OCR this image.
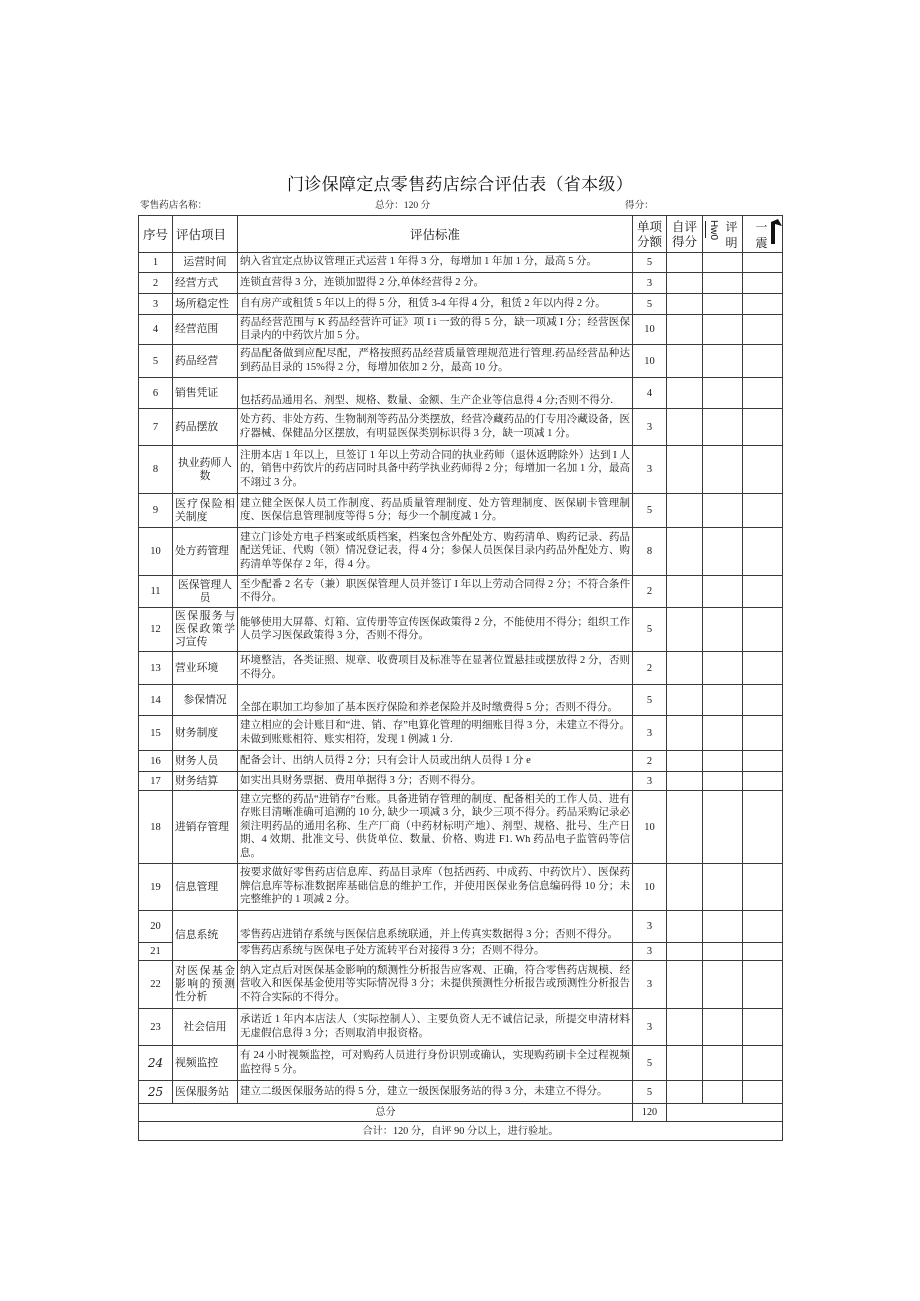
门诊保障定点零售药店综合评估表（省本级）
零售药店名称：	总分：120 分	得分：
序号	评估项目	评估标准	单项分额	自评得分	Hw0 评明	一震

1	运营时间	纳入省宜定点协议管理正式运营 1 年得 3 分，每增加 1 年加 1 分，最高 5 分。	5			

2	经营方式	连锁直营得 3 分，连锁加盟得 2 分,单体经营得 2 分。	3			

3	场所稳定性	自有房产或租赁 5 年以上的得 5 分，租赁 3-4 年得 4 分，租赁 2 年以内得 2 分。	5			

4	经营范围	药品经营范围与 K 药品经营许可证》项 I i 一致的得 5 分，缺一项减 I 分；经营医保目录内的中药饮片加 5 分。	10			

5	药品经营	药品配备做到应配尽配，严格按照药品经营质量管理规范进行管理.药品经营品种达到药品目录的 15%得 2 分，每增加依加 2 分，最高 10 分。	10			

6	销售凭证	包括药品通用名、剂型、规格、数量、金额、生产企业等信息得 4 分;否则不得分.	4			

7	药品摆放	处方药、非处方药、生物制剂等药品分类摆放，经营冷藏药品的仃专用冷藏设备，医疗器械、保健品分区摆放，有明显医保类别标识得 3 分，缺一项减 1 分。	3			

8	执业药师人数	注册本店 1 年以上，旦签订 1 年以上劳动合同的执业药师（退休返聘除外）达到 I 人的，销售中药饮片的药店同时具备中药学执业药师得 2 分；每增加一名加 1 分，最高不翊过 3 分。	3			

9	医疗保险相关制度	建立健全医保人员工作制度、药品质量管理制度、处方管理制度、医保刷卡管理制度、医保信息管理制度等得 5 分；每少一个制度减 1 分。	5			

10	处方药管理	建立门诊处方电子档案或纸质档案，档案包含外配处方、购药清单、购药记录、药品配送凭证、代购（领）情况登记表，得 4 分；参保人员医保目录内药品外配处方、购药清单等保存 2 年，得 4 分。	8			

11	医保管理人员	至少配番 2 名专（兼）职医保管理人员并签订 I 年以上劳动合同得 2 分；不符合条件不得分。	2			

12	医保服务与医保政策学习宣传	能够使用大屏幕、灯箱、宣传册等宣传医保政策得 2 分，不能使用不得分；组织工作人员学习医保政策得 3 分，否则不得分。	5			

13	营业环境	环境整洁，各类证照、规章、收费项目及标准等在显著位置悬挂或摆放得 2 分，否则不得分。	2			

14	参保情况	全部在职加工均参加了基本医疗保险和养老保险并及时缴费得 5 分；否则不得分。	5			

15	财务制度	建立相应的会计账目和“进、销、存”电算化管理的明细账目得 3 分，未建立不得分。未做到账账相符、账实相符，发现 1 例减 1 分.	3			

16	财务人员	配备会计、出纳人员得 2 分；只有会计人员或出纳人员得 1 分 e	2			

17	财务结算	如实出具财务票据、费用单据得 3 分；否则不得分。	3			

18	进销存管理	建立完整的药品“进销存”台账。具备进销存管理的制度、配备相关的工作人员、进有存账目清晰准确可追溯的 10 分, 缺少一项减 3 分，缺少三项不得分。药品采购记录必须注明药品的通用名称、生产厂商（中药材标明产地）、剂型、规格、批号、生产日期、4 效期、批准文号、供货单位、数量、价格、购进 F1. Wh 药品电子监管码等信息。	10			

19	信息管理	按要求做好零售药店信息库、药品目录库（包括西药、中成药、中药饮片）、医保药牌信息库等标准数据库基础信息的维护工作，并使用医保业务信息编码得 10 分；未完整维护的 1 项减 2 分。	10			

20	信息系统	零售药店进销存系统与医保信息系统联通，并上传真实数据得 3 分；否则不得分。	3			

21		零售药店系统与医保电子处方流转平台对接得 3 分；否则不得分。	3			

22	对医保基金影响的预测性分析	纳入定点后对医保基金影响的颓测性分析报告应客观、正确，符合零售药店规模、经营收入和医保基金使用等实际情况得 3 分；未提供预测性分析报告或预测性分析报告不符合实际的不得分。	3			

23	社会信用	承诺近 1 年内本店法人（实际控制人）、主要负资人无不诚信记录，所提交申清材料无虚假信息得 3 分；否则取消申报资格。	3			

24	视频监控	有 24 小时视频监控，可对购药人员进行身份识别或确认，实现购药刷卡全过程视频监控得 5 分。	5			

25	医保服务站	建立二级医保服务站的得 5 分，建立一级医保服务站的得 3 分，未建立不得分。	5			

总分			120			
合计：120 分，自评 90 分以上，进行验址。						
